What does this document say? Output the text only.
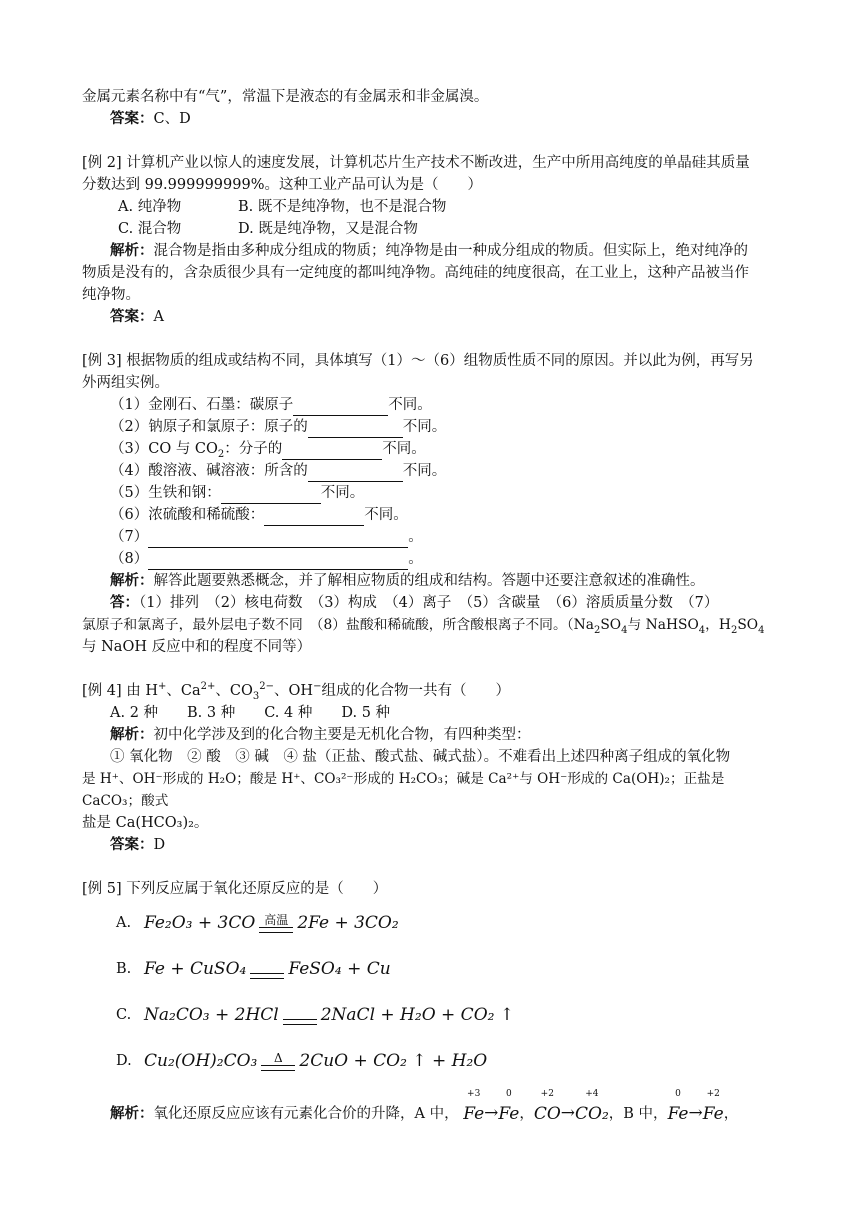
金属元素名称中有“气”，常温下是液态的有金属汞和非金属溴。

答案：C、D

[例 2] 计算机产业以惊人的速度发展，计算机芯片生产技术不断改进，生产中所用高纯度的单晶硅其质量

分数达到 99.999999999%。这种工业产品可认为是（　　）

A. 纯净物	B. 既不是纯净物，也不是混合物
C. 混合物	D. 既是纯净物，又是混合物

解析：混合物是指由多种成分组成的物质；纯净物是由一种成分组成的物质。但实际上，绝对纯净的

物质是没有的，含杂质很少具有一定纯度的都叫纯净物。高纯硅的纯度很高，在工业上，这种产品被当作

纯净物。

答案：A

[例 3] 根据物质的组成或结构不同，具体填写（1）～（6）组物质性质不同的原因。并以此为例，再写另

外两组实例。

（1）金刚石、石墨：碳原子	不同。

（2）钠原子和氯原子：原子的	不同。

（3）CO 与 $CO_2$：分子的	不同。

（4）酸溶液、碱溶液：所含的	不同。

（5）生铁和钢：	不同。

（6）浓硫酸和稀硫酸：	不同。

（7）	。

（8）	。

解析：解答此题要熟悉概念，并了解相应物质的组成和结构。答题中还要注意叙述的准确性。

答：（1）排列　（2）核电荷数　（3）构成　（4）离子　（5）含碳量　（6）溶质质量分数　（7）

氯原子和氯离子，最外层电子数不同　（8）盐酸和稀硫酸，所含酸根离子不同。（$Na_2SO_4$与 NaHSO$_4$，$H_2SO_4$

与 NaOH 反应中和的程度不同等）

[例 4] 由 H+、$Ca^{2+}$、$CO_3^{2-}$、OH−组成的化合物一共有（　　）

A. 2 种　　B. 3 种　　C. 4 种　　D. 5 种

解析：初中化学涉及到的化合物主要是无机化合物，有四种类型：

① 氧化物　② 酸　③ 碱　④ 盐（正盐、酸式盐、碱式盐）。不难看出上述四种离子组成的氧化物

是 H⁺、OH⁻形成的 H₂O；酸是 H⁺、CO₃²⁻形成的 H₂CO₃；碱是 Ca²⁺与 OH⁻形成的 Ca(OH)₂；正盐是 CaCO₃；酸式

盐是 Ca(HCO₃)₂。

答案：D

[例 5] 下列反应属于氧化还原反应的是（　　）

A. Fe₂O₃ + 3CO 高温 2Fe + 3CO₂
B. Fe + CuSO₄ FeSO₄ + Cu
C. Na₂CO₃ + 2HCl 2NaCl + H₂O + CO₂ ↑
D. Cu₂(OH)₂CO₃ Δ 2CuO + CO₂ ↑ + H₂O

解析：氧化还原反应应该有元素化合价的升降，A 中，
+3
Fe →
0
Fe ，
+2
CO →
+4
CO₂ ，B 中，
0
Fe →
+2
Fe ，
